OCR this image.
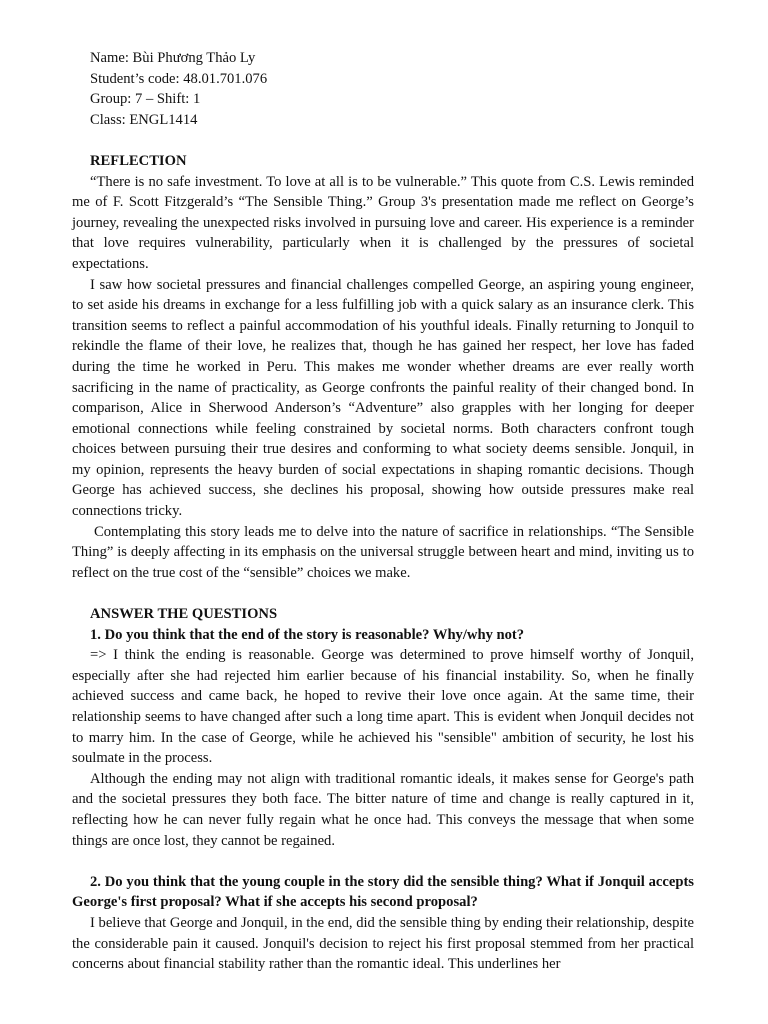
Name: Bùi Phương Thảo Ly
Student’s code: 48.01.701.076
Group: 7 – Shift: 1
Class: ENGL1414
REFLECTION

“There is no safe investment. To love at all is to be vulnerable.” This quote from C.S. Lewis reminded me of F. Scott Fitzgerald’s “The Sensible Thing.” Group 3's presentation made me reflect on George’s journey, revealing the unexpected risks involved in pursuing love and career. His experience is a reminder that love requires vulnerability, particularly when it is challenged by the pressures of societal expectations.

I saw how societal pressures and financial challenges compelled George, an aspiring young engineer, to set aside his dreams in exchange for a less fulfilling job with a quick salary as an insurance clerk. This transition seems to reflect a painful accommodation of his youthful ideals. Finally returning to Jonquil to rekindle the flame of their love, he realizes that, though he has gained her respect, her love has faded during the time he worked in Peru. This makes me wonder whether dreams are ever really worth sacrificing in the name of practicality, as George confronts the painful reality of their changed bond. In comparison, Alice in Sherwood Anderson’s “Adventure” also grapples with her longing for deeper emotional connections while feeling constrained by societal norms. Both characters confront tough choices between pursuing their true desires and conforming to what society deems sensible. Jonquil, in my opinion, represents the heavy burden of social expectations in shaping romantic decisions. Though George has achieved success, she declines his proposal, showing how outside pressures make real connections tricky.

Contemplating this story leads me to delve into the nature of sacrifice in relationships. “The Sensible Thing” is deeply affecting in its emphasis on the universal struggle between heart and mind, inviting us to reflect on the true cost of the “sensible” choices we make.

ANSWER THE QUESTIONS
1. Do you think that the end of the story is reasonable? Why/why not?

=> I think the ending is reasonable. George was determined to prove himself worthy of Jonquil, especially after she had rejected him earlier because of his financial instability. So, when he finally achieved success and came back, he hoped to revive their love once again. At the same time, their relationship seems to have changed after such a long time apart. This is evident when Jonquil decides not to marry him. In the case of George, while he achieved his "sensible" ambition of security, he lost his soulmate in the process.

Although the ending may not align with traditional romantic ideals, it makes sense for George's path and the societal pressures they both face. The bitter nature of time and change is really captured in it, reflecting how he can never fully regain what he once had. This conveys the message that when some things are once lost, they cannot be regained.

2. Do you think that the young couple in the story did the sensible thing? What if Jonquil accepts George's first proposal? What if she accepts his second proposal?

I believe that George and Jonquil, in the end, did the sensible thing by ending their relationship, despite the considerable pain it caused. Jonquil's decision to reject his first proposal stemmed from her practical concerns about financial stability rather than the romantic ideal. This underlines her
